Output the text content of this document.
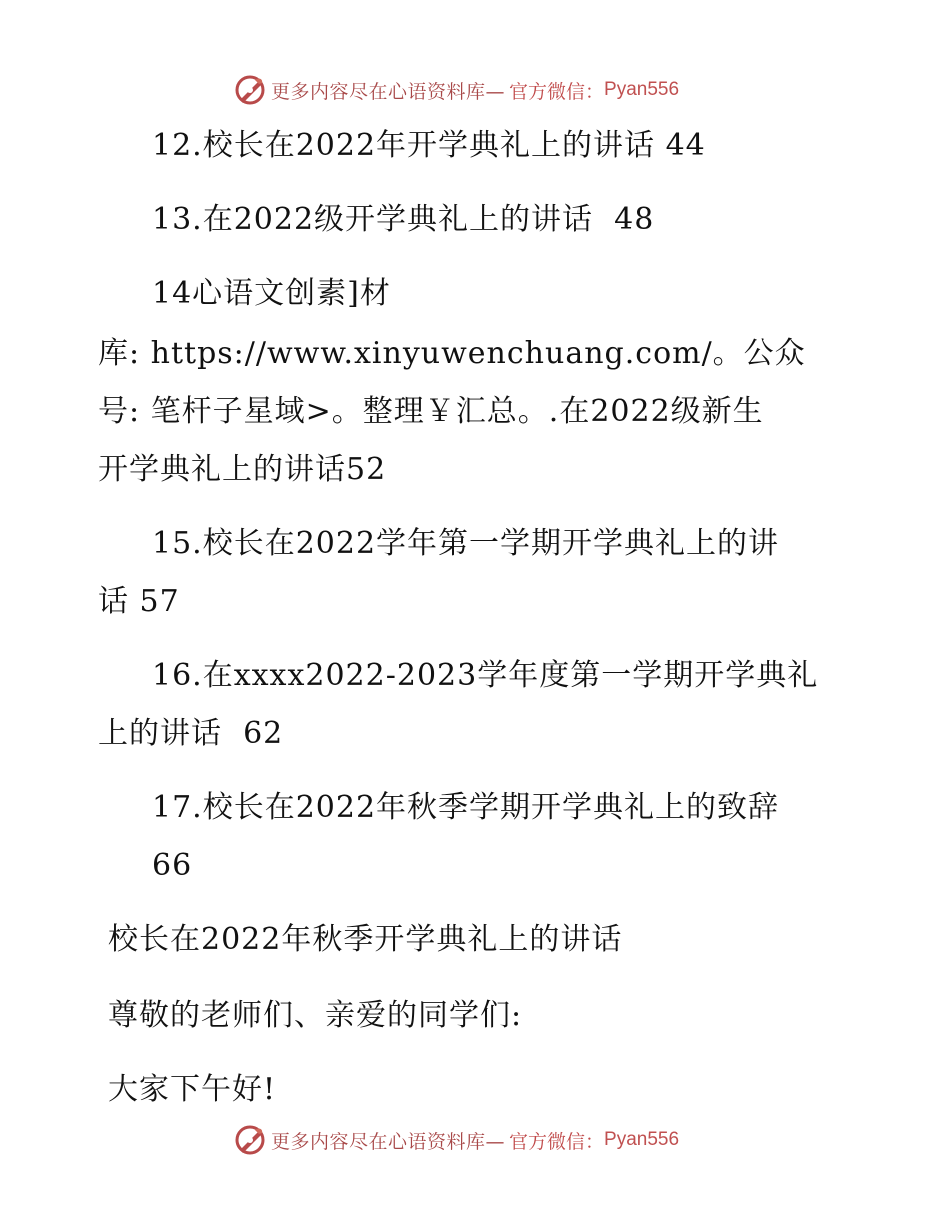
更多内容尽在心语资料库— 官方微信： Pyan556
12.校长在2022年开学典礼上的讲话 44
13.在2022级开学典礼上的讲话  48
14心语文创素]材
库: https://www.xinyuwenchuang.com/。公众
号: 笔杆子星域>。整理￥汇总。.在2022级新生
开学典礼上的讲话52
15.校长在2022学年第一学期开学典礼上的讲
话 57
16.在xxxx2022-2023学年度第一学期开学典礼
上的讲话  62
17.校长在2022年秋季学期开学典礼上的致辞
66
校长在2022年秋季开学典礼上的讲话
尊敬的老师们、亲爱的同学们:
大家下午好!
更多内容尽在心语资料库— 官方微信： Pyan556
